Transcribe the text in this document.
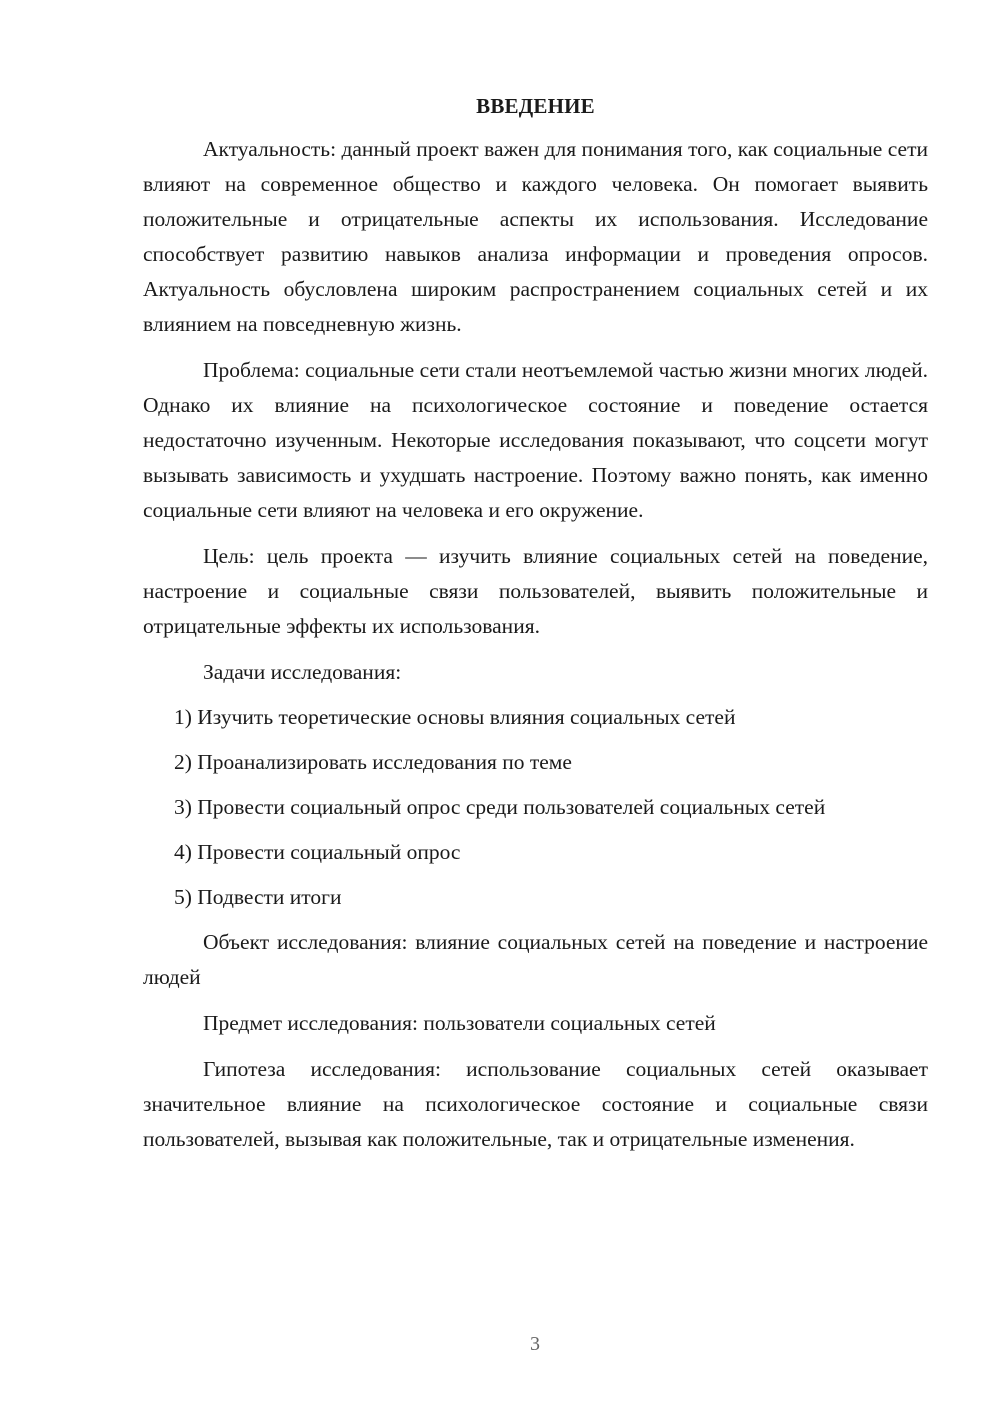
ВВЕДЕНИЕ

Актуальность: данный проект важен для понимания того, как социальные сети влияют на современное общество и каждого человека. Он помогает выявить положительные и отрицательные аспекты их использования. Исследование способствует развитию навыков анализа информации и проведения опросов. Актуальность обусловлена широким распространением социальных сетей и их влиянием на повседневную жизнь.

Проблема: социальные сети стали неотъемлемой частью жизни многих людей. Однако их влияние на психологическое состояние и поведение остается недостаточно изученным. Некоторые исследования показывают, что соцсети могут вызывать зависимость и ухудшать настроение. Поэтому важно понять, как именно социальные сети влияют на человека и его окружение.

Цель: цель проекта — изучить влияние социальных сетей на поведение, настроение и социальные связи пользователей, выявить положительные и отрицательные эффекты их использования.

Задачи исследования:
1) Изучить теоретические основы влияния социальных сетей
2) Проанализировать исследования по теме
3) Провести социальный опрос среди пользователей социальных сетей
4) Провести социальный опрос
5) Подвести итоги

Объект исследования: влияние социальных сетей на поведение и настроение людей

Предмет исследования: пользователи социальных сетей

Гипотеза исследования: использование социальных сетей оказывает значительное влияние на психологическое состояние и социальные связи пользователей, вызывая как положительные, так и отрицательные изменения.

3
